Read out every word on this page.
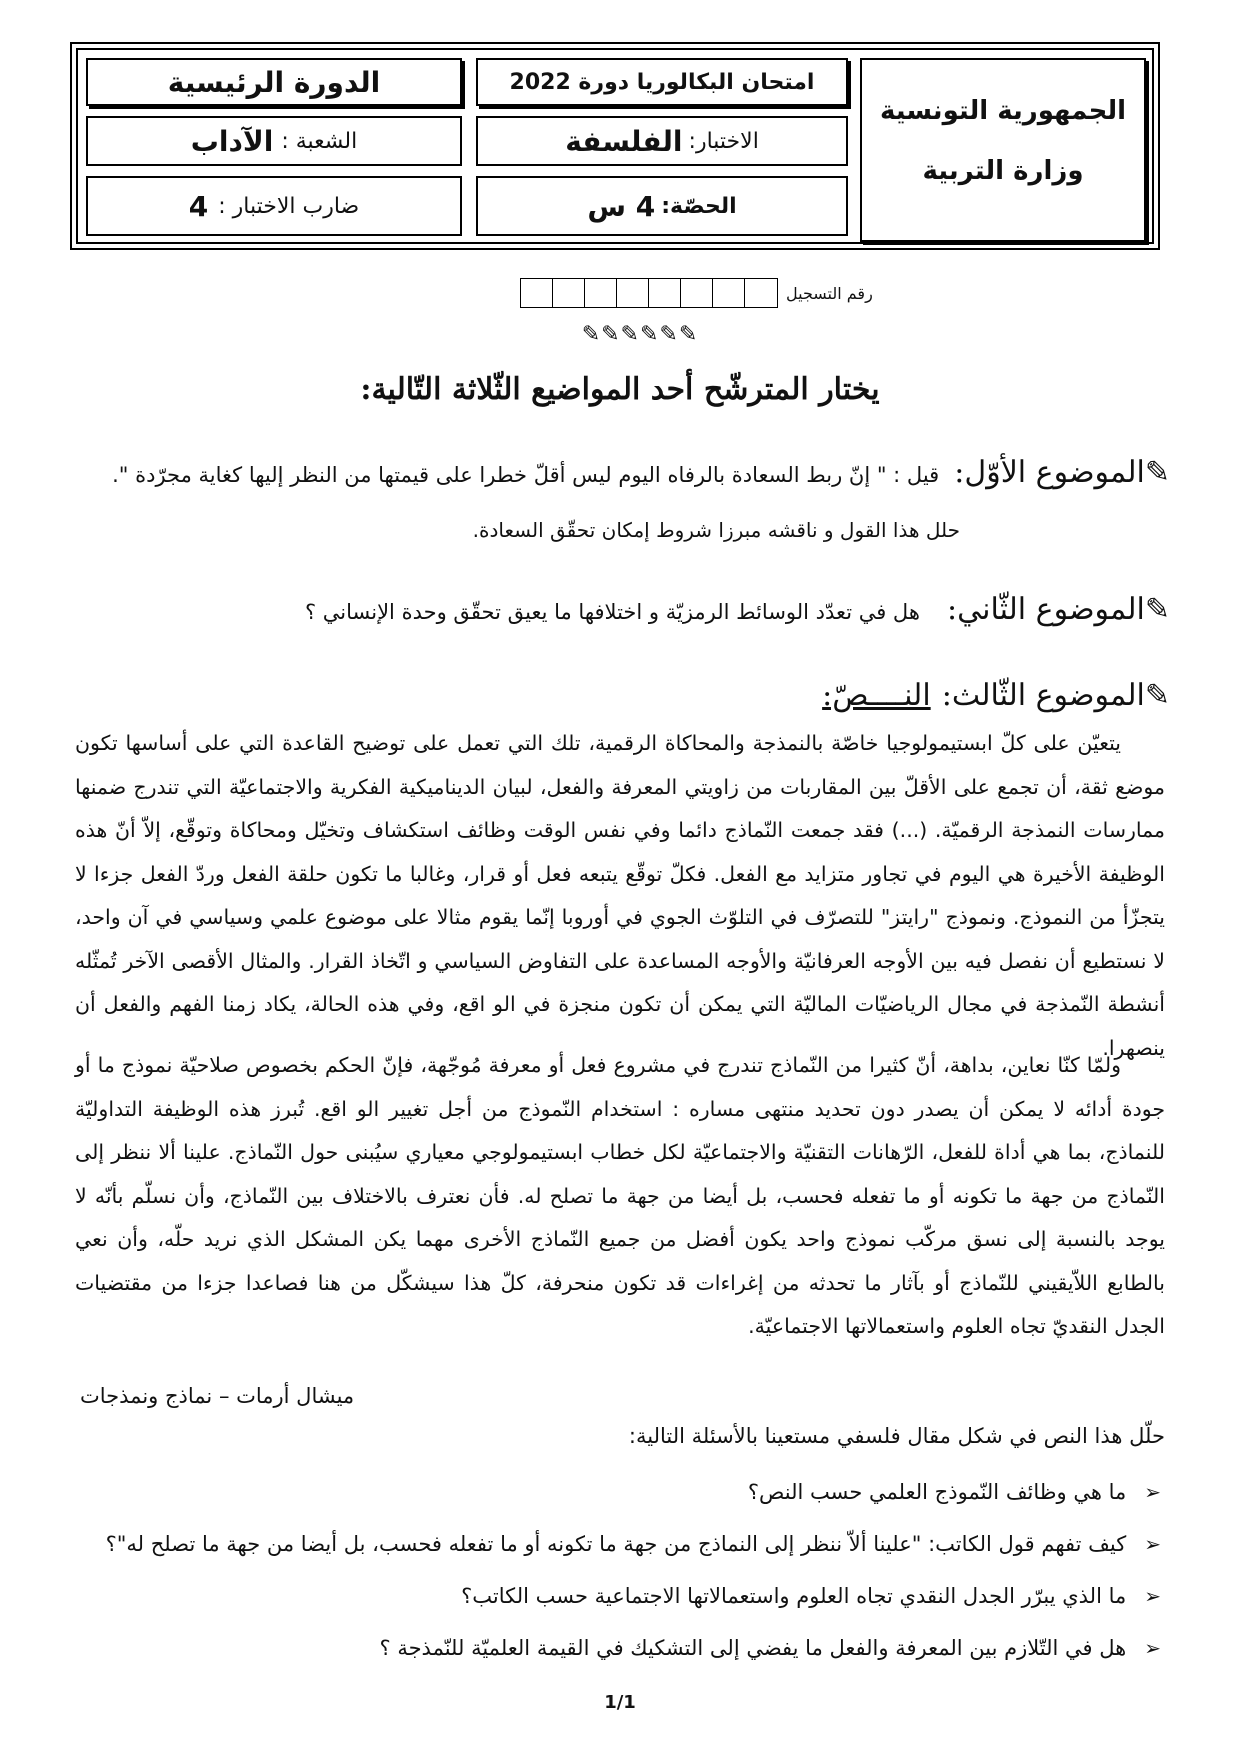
الجمهورية التونسية
وزارة التربية
امتحان البكالوريا دورة 2022
الدورة الرئيسية
الاختبار:
الفلسفة
الشعبة :
الآداب
الحصّة:
4 س
ضارب الاختبار :
4
رقم التسجيل
✎✎✎✎✎✎
يختار المترشّح أحد المواضيع الثّلاثة التّالية:
✎الموضوع الأوّل: قيل : " إنّ ربط السعادة بالرفاه اليوم ليس أقلّ خطرا على قيمتها من النظر إليها كغاية مجرّدة ".
حلل هذا القول و ناقشه مبرزا شروط إمكان تحقّق السعادة.
✎الموضوع الثّاني: هل في تعدّد الوسائط الرمزيّة و اختلافها ما يعيق تحقّق وحدة الإنساني ؟
✎الموضوع الثّالث: النــــصّ:
يتعيّن على كلّ ابستيمولوجيا خاصّة بالنمذجة والمحاكاة الرقمية، تلك التي تعمل على توضيح القاعدة التي على أساسها تكون موضع ثقة، أن تجمع على الأقلّ بين المقاربات من زاويتي المعرفة والفعل، لبيان الديناميكية الفكرية والاجتماعيّة التي تندرج ضمنها ممارسات النمذجة الرقميّة. (...) فقد جمعت النّماذج دائما وفي نفس الوقت وظائف استكشاف وتخيّل ومحاكاة وتوقّع، إلاّ أنّ هذه الوظيفة الأخيرة هي اليوم في تجاور متزايد مع الفعل. فكلّ توقّع يتبعه فعل أو قرار، وغالبا ما تكون حلقة الفعل وردّ الفعل جزءا لا يتجزّأ من النموذج. ونموذج "رايتز" للتصرّف في التلوّث الجوي في أوروبا إنّما يقوم مثالا على موضوع علمي وسياسي في آن واحد، لا نستطيع أن نفصل فيه بين الأوجه العرفانيّة والأوجه المساعدة على التفاوض السياسي و اتّخاذ القرار. والمثال الأقصى الآخر تُمثّله أنشطة النّمذجة في مجال الرياضيّات الماليّة التي يمكن أن تكون منجزة في الو اقع، وفي هذه الحالة، يكاد زمنا الفهم والفعل أن ينصهرا.
ولمّا كنّا نعاين، بداهة، أنّ كثيرا من النّماذج تندرج في مشروع فعل أو معرفة مُوجّهة، فإنّ الحكم بخصوص صلاحيّة نموذج ما أو جودة أدائه لا يمكن أن يصدر دون تحديد منتهى مساره : استخدام النّموذج من أجل تغيير الو اقع. تُبرز هذه الوظيفة التداوليّة للنماذج، بما هي أداة للفعل، الرّهانات التقنيّة والاجتماعيّة لكل خطاب ابستيمولوجي معياري سيُبنى حول النّماذج. علينا ألا ننظر إلى النّماذج من جهة ما تكونه أو ما تفعله فحسب، بل أيضا من جهة ما تصلح له. فأن نعترف بالاختلاف بين النّماذج، وأن نسلّم بأنّه لا يوجد بالنسبة إلى نسق مركّب نموذج واحد يكون أفضل من جميع النّماذج الأخرى مهما يكن المشكل الذي نريد حلّه، وأن نعي بالطابع اللاّيقيني للنّماذج أو بآثار ما تحدثه من إغراءات قد تكون منحرفة، كلّ هذا سيشكّل من هنا فصاعدا جزءا من مقتضيات الجدل النقديّ تجاه العلوم واستعمالاتها الاجتماعيّة.
ميشال أرمات – نماذج ونمذجات
حلّل هذا النص في شكل مقال فلسفي مستعينا بالأسئلة التالية:
➢
ما هي وظائف النّموذج العلمي حسب النص؟
➢
كيف تفهم قول الكاتب: "علينا ألاّ ننظر إلى النماذج من جهة ما تكونه أو ما تفعله فحسب، بل أيضا من جهة ما تصلح له"؟
➢
ما الذي يبرّر الجدل النقدي تجاه العلوم واستعمالاتها الاجتماعية حسب الكاتب؟
➢
هل في التّلازم بين المعرفة والفعل ما يفضي إلى التشكيك في القيمة العلميّة للنّمذجة ؟
1/1
